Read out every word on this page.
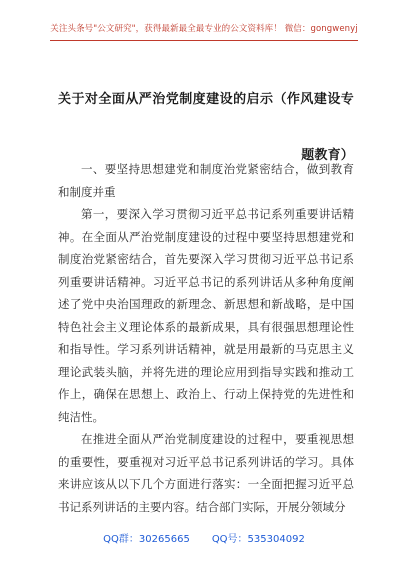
关注头条号"公文研究"，获得最新最全最专业的公文资料库！ 微信：gongwenyj
关于对全面从严治党制度建设的启示（作风建设专题教育）

一、要坚持思想建党和制度治党紧密结合，做到教育和制度并重

第一，要深入学习贯彻习近平总书记系列重要讲话精神。在全面从严治党制度建设的过程中要坚持思想建党和制度治党紧密结合，首先要深入学习贯彻习近平总书记系列重要讲话精神。习近平总书记的系列讲话从多种角度阐述了党中央治国理政的新理念、新思想和新战略，是中国特色社会主义理论体系的最新成果，具有很强思想理论性和指导性。学习系列讲话精神，就是用最新的马克思主义理论武装头脑，并将先进的理论应用到指导实践和推动工作上，确保在思想上、政治上、行动上保持党的先进性和纯洁性。

在推进全面从严治党制度建设的过程中，要重视思想的重要性，要重视对习近平总书记系列讲话的学习。具体来讲应该从以下几个方面进行落实：一全面把握习近平总书记系列讲话的主要内容。结合部门实际，开展分领域分

QQ群：30265665 QQ号：535304092
